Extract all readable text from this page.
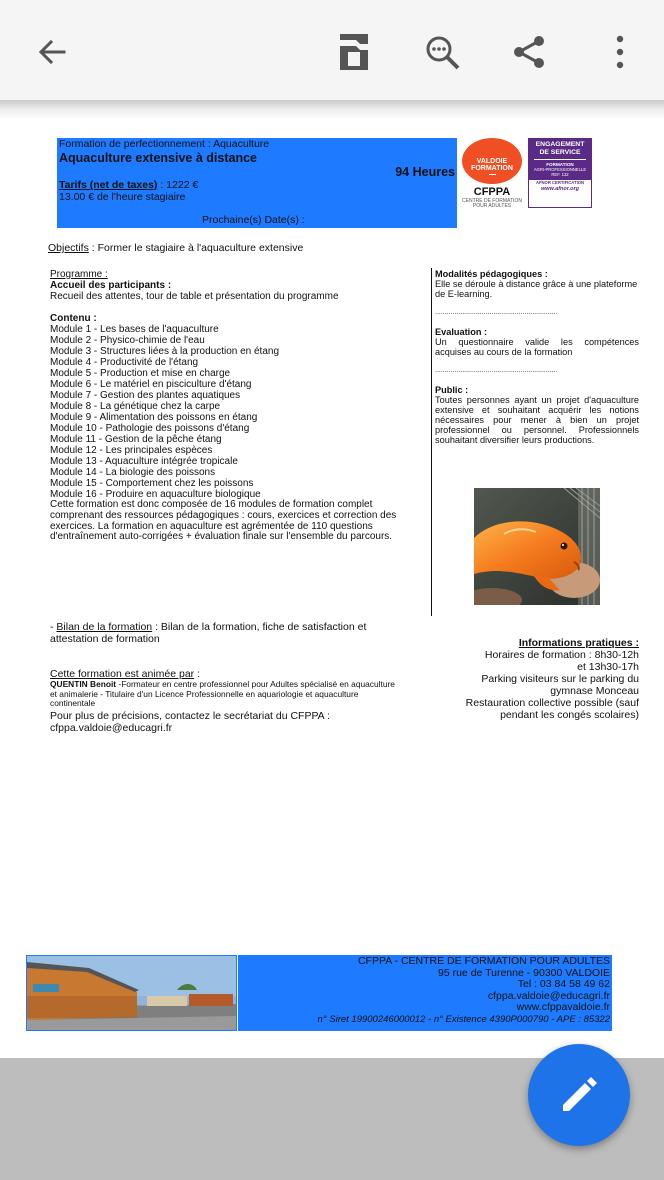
Formation de perfectionnement : Aquaculture
Aquaculture extensive à distance
94 Heures
Tarifs (net de taxes) : 1222 €
13.00 € de l'heure stagiaire
Prochaine(s) Date(s) :
VALDOIE
FORMATION
CFPPA
CENTRE DE FORMATION
POUR ADULTES
ENGAGEMENT
DE SERVICE
FORMATION
AGRI-PROFESSIONNELLE
REF. 132
AFNOR CERTIFICATION
www.afnor.org
Objectifs : Former le stagiaire à l'aquaculture extensive
Programme :
Accueil des participants :
Recueil des attentes, tour de table et présentation du programme
Contenu :
Module 1 - Les bases de l'aquaculture
Module 2 - Physico-chimie de l'eau
Module 3 - Structures liées à la production en étang
Module 4 - Productivité de l'étang
Module 5 - Production et mise en charge
Module 6 - Le matériel en pisciculture d'étang
Module 7 - Gestion des plantes aquatiques
Module 8 - La génétique chez la carpe
Module 9 - Alimentation des poissons en étang
Module 10 - Pathologie des poissons d'étang
Module 11 - Gestion de la pêche étang
Module 12 - Les principales espèces
Module 13 - Aquaculture intégrée tropicale
Module 14 - La biologie des poissons
Module 15 - Comportement chez les poissons
Module 16 - Produire en aquaculture biologique
Cette formation est donc composée de 16 modules de formation complet comprenant des ressources pédagogiques : cours, exercices et correction des exercices. La formation en aquaculture est agrémentée de 110 questions d'entraînement auto-corrigées + évaluation finale sur l'ensemble du parcours.
Modalités pédagogiques :
Elle se déroule à distance grâce à une plateforme de E-learning.
...............................................................
Evaluation :
Un questionnaire valide les compétences acquises au cours de la formation
...............................................................
Public :
Toutes personnes ayant un projet d'aquaculture extensive et souhaitant acquérir les notions nécessaires pour mener à bien un projet professionnel ou personnel. Professionnels souhaitant diversifier leurs productions.
- Bilan de la formation : Bilan de la formation, fiche de satisfaction et attestation de formation
Cette formation est animée par :
QUENTIN Benoit -Formateur en centre professionnel pour Adultes spécialisé en aquaculture et animalerie - Titulaire d'un Licence Professionnelle en aquariologie et aquaculture continentale
Pour plus de précisions, contactez le secrétariat du CFPPA : cfppa.valdoie@educagri.fr
Informations pratiques :
Horaires de formation : 8h30-12h et 13h30-17h
Parking visiteurs sur le parking du gymnase Monceau
Restauration collective possible (sauf pendant les congés scolaires)
CFPPA - CENTRE DE FORMATION POUR ADULTES
95 rue de Turenne - 90300 VALDOIE
Tel : 03 84 58 49 62
cfppa.valdoie@educagri.fr
www.cfppavaldoie.fr
n° Siret 19900246000012 - n° Existence 4390P000790 - APE : 85322
